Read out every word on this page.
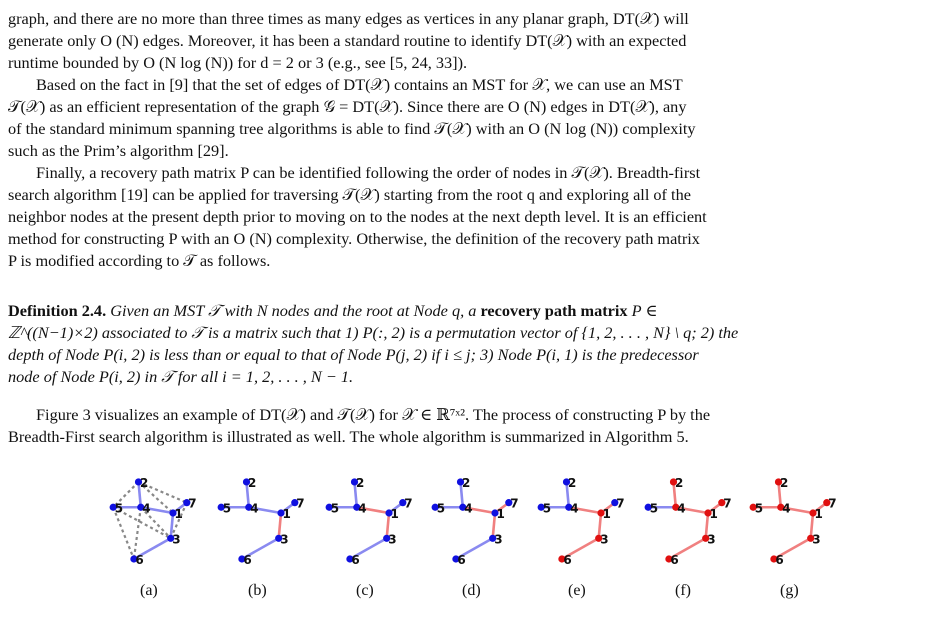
graph, and there are no more than three times as many edges as vertices in any planar graph, DT(𝒳) will
generate only O (N) edges. Moreover, it has been a standard routine to identify DT(𝒳) with an expected
runtime bounded by O (N log (N)) for d = 2 or 3 (e.g., see [5, 24, 33]).

Based on the fact in [9] that the set of edges of DT(𝒳) contains an MST for 𝒳, we can use an MST
𝒯(𝒳) as an efficient representation of the graph 𝒢 = DT(𝒳). Since there are O (N) edges in DT(𝒳), any
of the standard minimum spanning tree algorithms is able to find 𝒯(𝒳) with an O (N log (N)) complexity
such as the Prim’s algorithm [29].

Finally, a recovery path matrix P can be identified following the order of nodes in 𝒯(𝒳). Breadth-first
search algorithm [19] can be applied for traversing 𝒯(𝒳) starting from the root q and exploring all of the
neighbor nodes at the present depth prior to moving on to the nodes at the next depth level. It is an efficient
method for constructing P with an O (N) complexity. Otherwise, the definition of the recovery path matrix
P is modified according to 𝒯 as follows.

Definition 2.4. Given an MST 𝒯 with N nodes and the root at Node q, a recovery path matrix P ∈
ℤ^((N−1)×2) associated to 𝒯 is a matrix such that 1) P(:, 2) is a permutation vector of {1, 2, . . . , N} \ q; 2) the
depth of Node P(i, 2) is less than or equal to that of Node P(j, 2) if i ≤ j; 3) Node P(i, 1) is the predecessor
node of Node P(i, 2) in 𝒯 for all i = 1, 2, . . . , N − 1.

Figure 3 visualizes an example of DT(𝒳) and 𝒯(𝒳) for 𝒳 ∈ ℝ⁷ˣ². The process of constructing P by the
Breadth-First search algorithm is illustrated as well. The whole algorithm is summarized in Algorithm 5.

1
2
3
4
5
6
7
1
2
3
4
5
6
7
1
2
3
4
5
6
7
1
2
3
4
5
6
7
1
2
3
4
5
6
7
1
2
3
4
5
6
7
1
2
3
4
5
6
7
(a)	(b)	(c)	(d)	(e)	(f)	(g)
